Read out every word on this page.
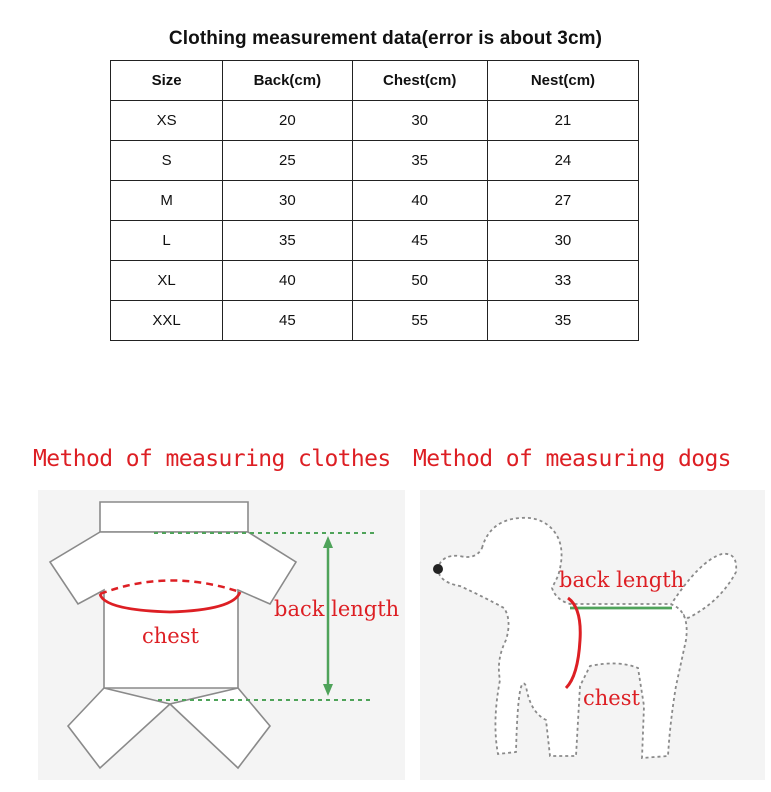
Clothing measurement data(error is about 3cm)
Size	Back(cm)	Chest(cm)	Nest(cm)
XS	20	30	21
S	25	35	24
M	30	40	27
L	35	45	30
XL	40	50	33
XXL	45	55	35
Method of measuring clothes Method of measuring dogs
chest
back length
back length
chest
